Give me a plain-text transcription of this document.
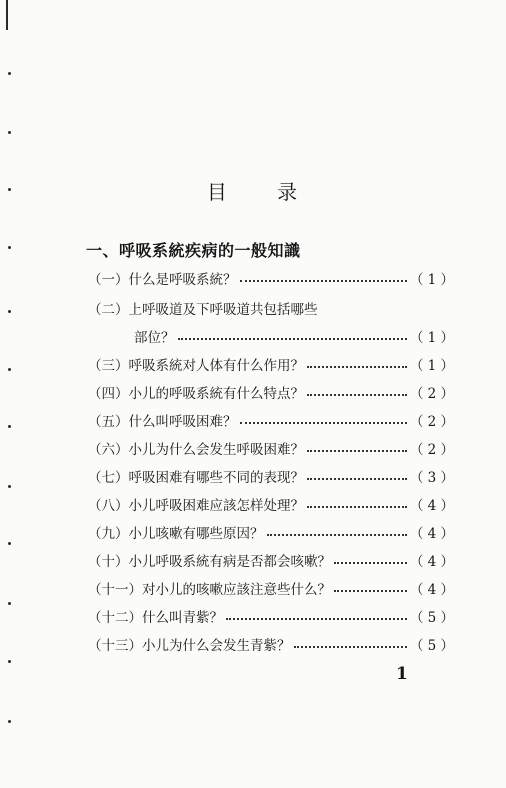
目 录
一、呼吸系統疾病的一般知識
（一） 什么是呼吸系統？	（ 1 ）
（二） 上呼吸道及下呼吸道共包括哪些
部位？	（ 1 ）
（三） 呼吸系統对人体有什么作用？	（ 1 ）
（四） 小儿的呼吸系統有什么特点？	（ 2 ）
（五） 什么叫呼吸困难？	（ 2 ）
（六） 小儿为什么会发生呼吸困难？	（ 2 ）
（七） 呼吸困难有哪些不同的表现？	（ 3 ）
（八） 小儿呼吸困难应該怎样处理？	（ 4 ）
（九） 小儿咳嗽有哪些原因？	（ 4 ）
（十） 小儿呼吸系統有病是否都会咳嗽？	（ 4 ）
（十一） 对小儿的咳嗽应該注意些什么？	（ 4 ）
（十二） 什么叫青紫？	（ 5 ）
（十三） 小儿为什么会发生青紫？	（ 5 ）
1
